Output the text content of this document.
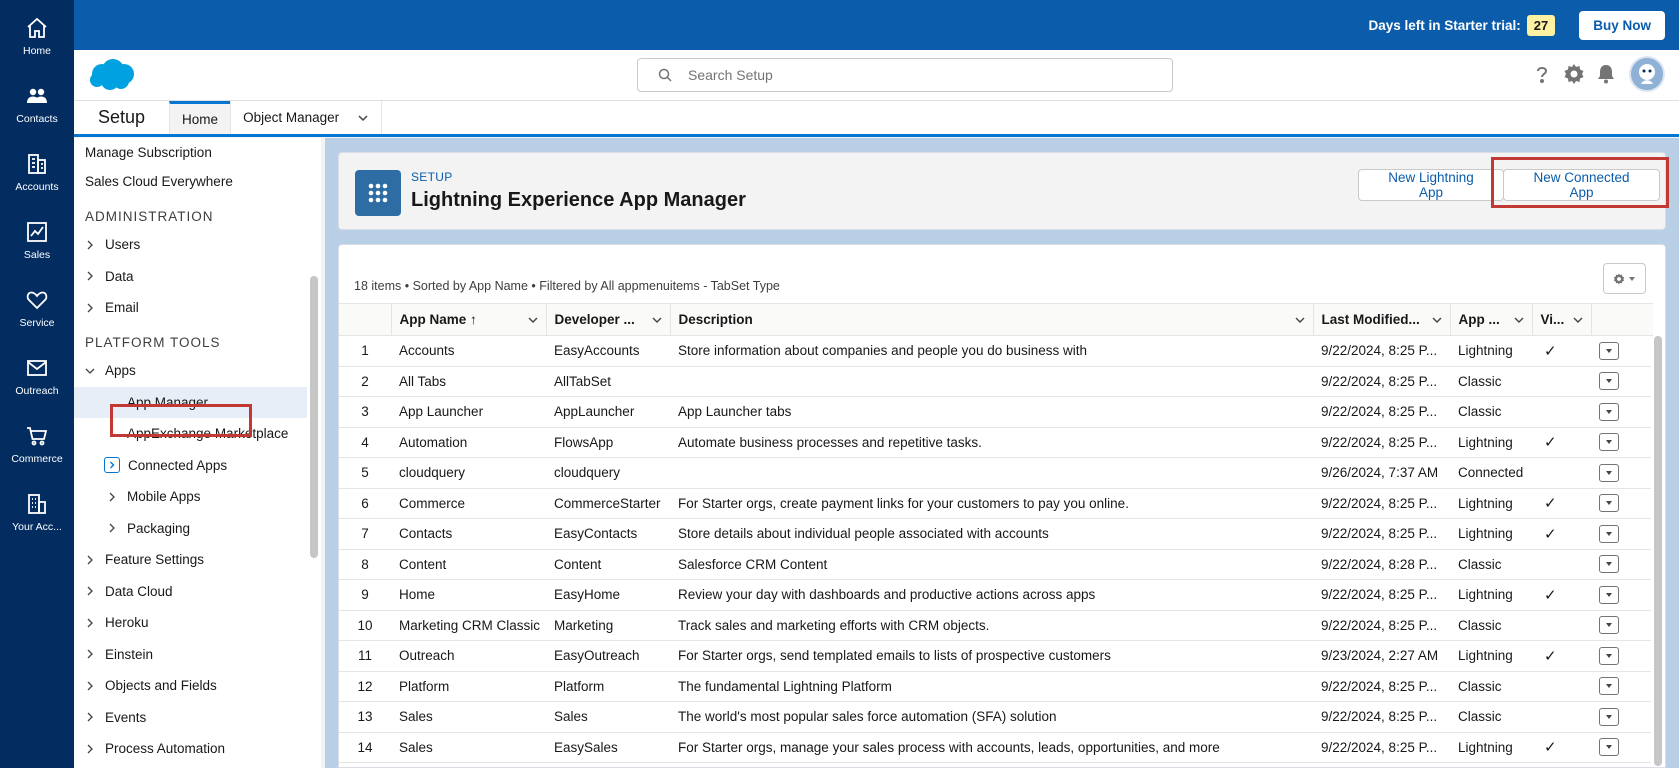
Home
Contacts
Accounts
Sales
Service
Outreach
Commerce
Your Acc...
Days left in Starter trial:	27	Buy Now
Search Setup
Setup	Home Object Manager
Manage Subscription
Sales Cloud Everywhere
ADMINISTRATION
Users
Data
Email
PLATFORM TOOLS
Apps
App Manager
AppExchange Marketplace
Connected Apps
Mobile Apps
Packaging
Feature Settings
Data Cloud
Heroku
Einstein
Objects and Fields
Events
Process Automation
SETUP
Lightning Experience App Manager
New Lightning App
New Connected App
18 items • Sorted by App Name • Filtered by All appmenuitems - TabSet Type
	App Name ↑	Developer ...	Description	Last Modified...	App ...	Vi...

1	Accounts	EasyAccounts	Store information about companies and people you do business with	9/22/2024, 8:25 P...	Lightning	✓	

2	All Tabs	AllTabSet		9/22/2024, 8:25 P...	Classic		

3	App Launcher	AppLauncher	App Launcher tabs	9/22/2024, 8:25 P...	Classic		

4	Automation	FlowsApp	Automate business processes and repetitive tasks.	9/22/2024, 8:25 P...	Lightning	✓	

5	cloudquery	cloudquery		9/26/2024, 7:37 AM	Connected		

6	Commerce	CommerceStarter	For Starter orgs, create payment links for your customers to pay you online.	9/22/2024, 8:25 P...	Lightning	✓	

7	Contacts	EasyContacts	Store details about individual people associated with accounts	9/22/2024, 8:25 P...	Lightning	✓	

8	Content	Content	Salesforce CRM Content	9/22/2024, 8:28 P...	Classic		

9	Home	EasyHome	Review your day with dashboards and productive actions across apps	9/22/2024, 8:25 P...	Lightning	✓	

10	Marketing CRM Classic	Marketing	Track sales and marketing efforts with CRM objects.	9/22/2024, 8:25 P...	Classic		

11	Outreach	EasyOutreach	For Starter orgs, send templated emails to lists of prospective customers	9/23/2024, 2:27 AM	Lightning	✓	

12	Platform	Platform	The fundamental Lightning Platform	9/22/2024, 8:25 P...	Classic		

13	Sales	Sales	The world's most popular sales force automation (SFA) solution	9/22/2024, 8:25 P...	Classic		

14	Sales	EasySales	For Starter orgs, manage your sales process with accounts, leads, opportunities, and more	9/22/2024, 8:25 P...	Lightning	✓	
